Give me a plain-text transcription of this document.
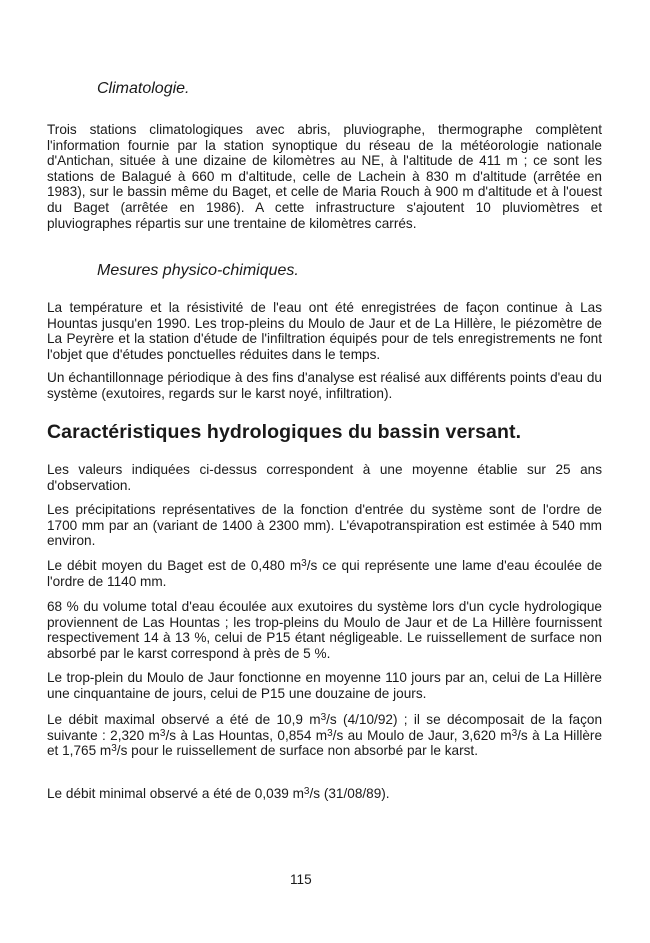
Climatologie.

Trois stations climatologiques avec abris, pluviographe, thermographe complètent l'information fournie par la station synoptique du réseau de la météorologie nationale d'Antichan, située à une dizaine de kilomètres au NE, à l'altitude de 411 m ; ce sont les stations de Balagué à 660 m d'altitude, celle de Lachein à 830 m d'altitude (arrêtée en 1983), sur le bassin même du Baget, et celle de Maria Rouch à 900 m d'altitude et à l'ouest du Baget (arrêtée en 1986). A cette infrastructure s'ajoutent 10 pluviomètres et pluviographes répartis sur une trentaine de kilomètres carrés.

Mesures physico-chimiques.

La température et la résistivité de l'eau ont été enregistrées de façon continue à Las Hountas jusqu'en 1990. Les trop-pleins du Moulo de Jaur et de La Hillère, le piézomètre de La Peyrère et la station d'étude de l'infiltration équipés pour de tels enregistrements ne font l'objet que d'études ponctuelles réduites dans le temps.

Un échantillonnage périodique à des fins d'analyse est réalisé aux différents points d'eau du système (exutoires, regards sur le karst noyé, infiltration).

Caractéristiques hydrologiques du bassin versant.

Les valeurs indiquées ci-dessus correspondent à une moyenne établie sur 25 ans d'observation.

Les précipitations représentatives de la fonction d'entrée du système sont de l'ordre de 1700 mm par an (variant de 1400 à 2300 mm). L'évapotranspiration est estimée à 540 mm environ.

Le débit moyen du Baget est de 0,480 $m^3/s$ ce qui représente une lame d'eau écoulée de l'ordre de 1140 mm.

68 % du volume total d'eau écoulée aux exutoires du système lors d'un cycle hydrologique proviennent de Las Hountas ; les trop-pleins du Moulo de Jaur et de La Hillère fournissent respectivement 14 à 13 %, celui de P15 étant négligeable. Le ruissellement de surface non absorbé par le karst correspond à près de 5 %.

Le trop-plein du Moulo de Jaur fonctionne en moyenne 110 jours par an, celui de La Hillère une cinquantaine de jours, celui de P15 une douzaine de jours.

Le débit maximal observé a été de 10,9 $m^3/s$ (4/10/92) ; il se décomposait de la façon suivante : 2,320 $m^3/s$ à Las Hountas, 0,854 $m^3/s$ au Moulo de Jaur, 3,620 $m^3/s$ à La Hillère et 1,765 $m^3/s$ pour le ruissellement de surface non absorbé par le karst.

Le débit minimal observé a été de 0,039 $m^3/s$ (31/08/89).

115
